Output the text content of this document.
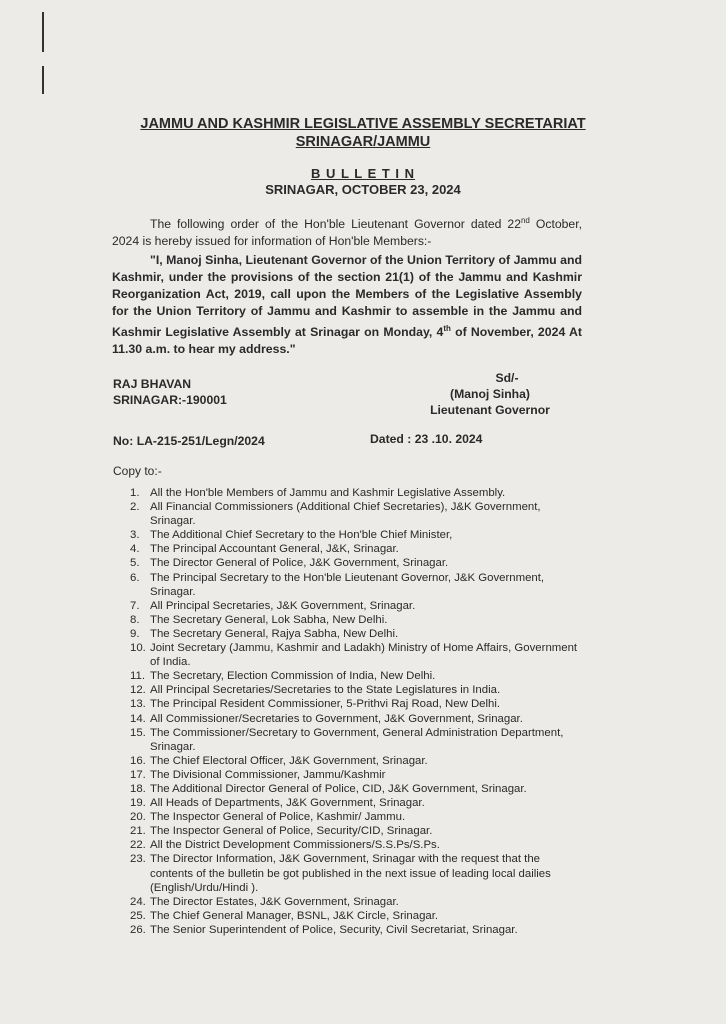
JAMMU AND KASHMIR LEGISLATIVE ASSEMBLY SECRETARIAT
SRINAGAR/JAMMU
B U L L E T I N
SRINAGAR, OCTOBER 23, 2024
The following order of the Hon'ble Lieutenant Governor dated 22nd October, 2024 is hereby issued for information of Hon'ble Members:-
"I, Manoj Sinha, Lieutenant Governor of the Union Territory of Jammu and Kashmir, under the provisions of the section 21(1) of the Jammu and Kashmir Reorganization Act, 2019, call upon the Members of the Legislative Assembly for the Union Territory of Jammu and Kashmir to assemble in the Jammu and Kashmir Legislative Assembly at Srinagar on Monday, 4th of November, 2024 At 11.30 a.m. to hear my address."
RAJ BHAVAN
SRINAGAR:-190001
Sd/-
(Manoj Sinha)
Lieutenant Governor
No: LA-215-251/Legn/2024	Dated : 23 .10. 2024
Copy to:-
1. All the Hon'ble Members of Jammu and Kashmir Legislative Assembly.
2. All Financial Commissioners (Additional Chief Secretaries), J&K Government, Srinagar.
3. The Additional Chief Secretary to the Hon'ble Chief Minister,
4. The Principal Accountant General, J&K, Srinagar.
5. The Director General of Police, J&K Government, Srinagar.
6. The Principal Secretary to the Hon'ble Lieutenant Governor, J&K Government, Srinagar.
7. All Principal Secretaries, J&K Government, Srinagar.
8. The Secretary General, Lok Sabha, New Delhi.
9. The Secretary General, Rajya Sabha, New Delhi.
10. Joint Secretary (Jammu, Kashmir and Ladakh) Ministry of Home Affairs, Government of India.
11. The Secretary, Election Commission of India, New Delhi.
12. All Principal Secretaries/Secretaries to the State Legislatures in India.
13. The Principal Resident Commissioner, 5-Prithvi Raj Road, New Delhi.
14. All Commissioner/Secretaries to Government, J&K Government, Srinagar.
15. The Commissioner/Secretary to Government, General Administration Department, Srinagar.
16. The Chief Electoral Officer, J&K Government, Srinagar.
17. The Divisional Commissioner, Jammu/Kashmir
18. The Additional Director General of Police, CID, J&K Government, Srinagar.
19. All Heads of Departments, J&K Government, Srinagar.
20. The Inspector General of Police, Kashmir/ Jammu.
21. The Inspector General of Police, Security/CID, Srinagar.
22. All the District Development Commissioners/S.S.Ps/S.Ps.
23. The Director Information, J&K Government, Srinagar with the request that the contents of the bulletin be got published in the next issue of leading local dailies (English/Urdu/Hindi ).
24. The Director Estates, J&K Government, Srinagar.
25. The Chief General Manager, BSNL, J&K Circle, Srinagar.
26. The Senior Superintendent of Police, Security, Civil Secretariat, Srinagar.
